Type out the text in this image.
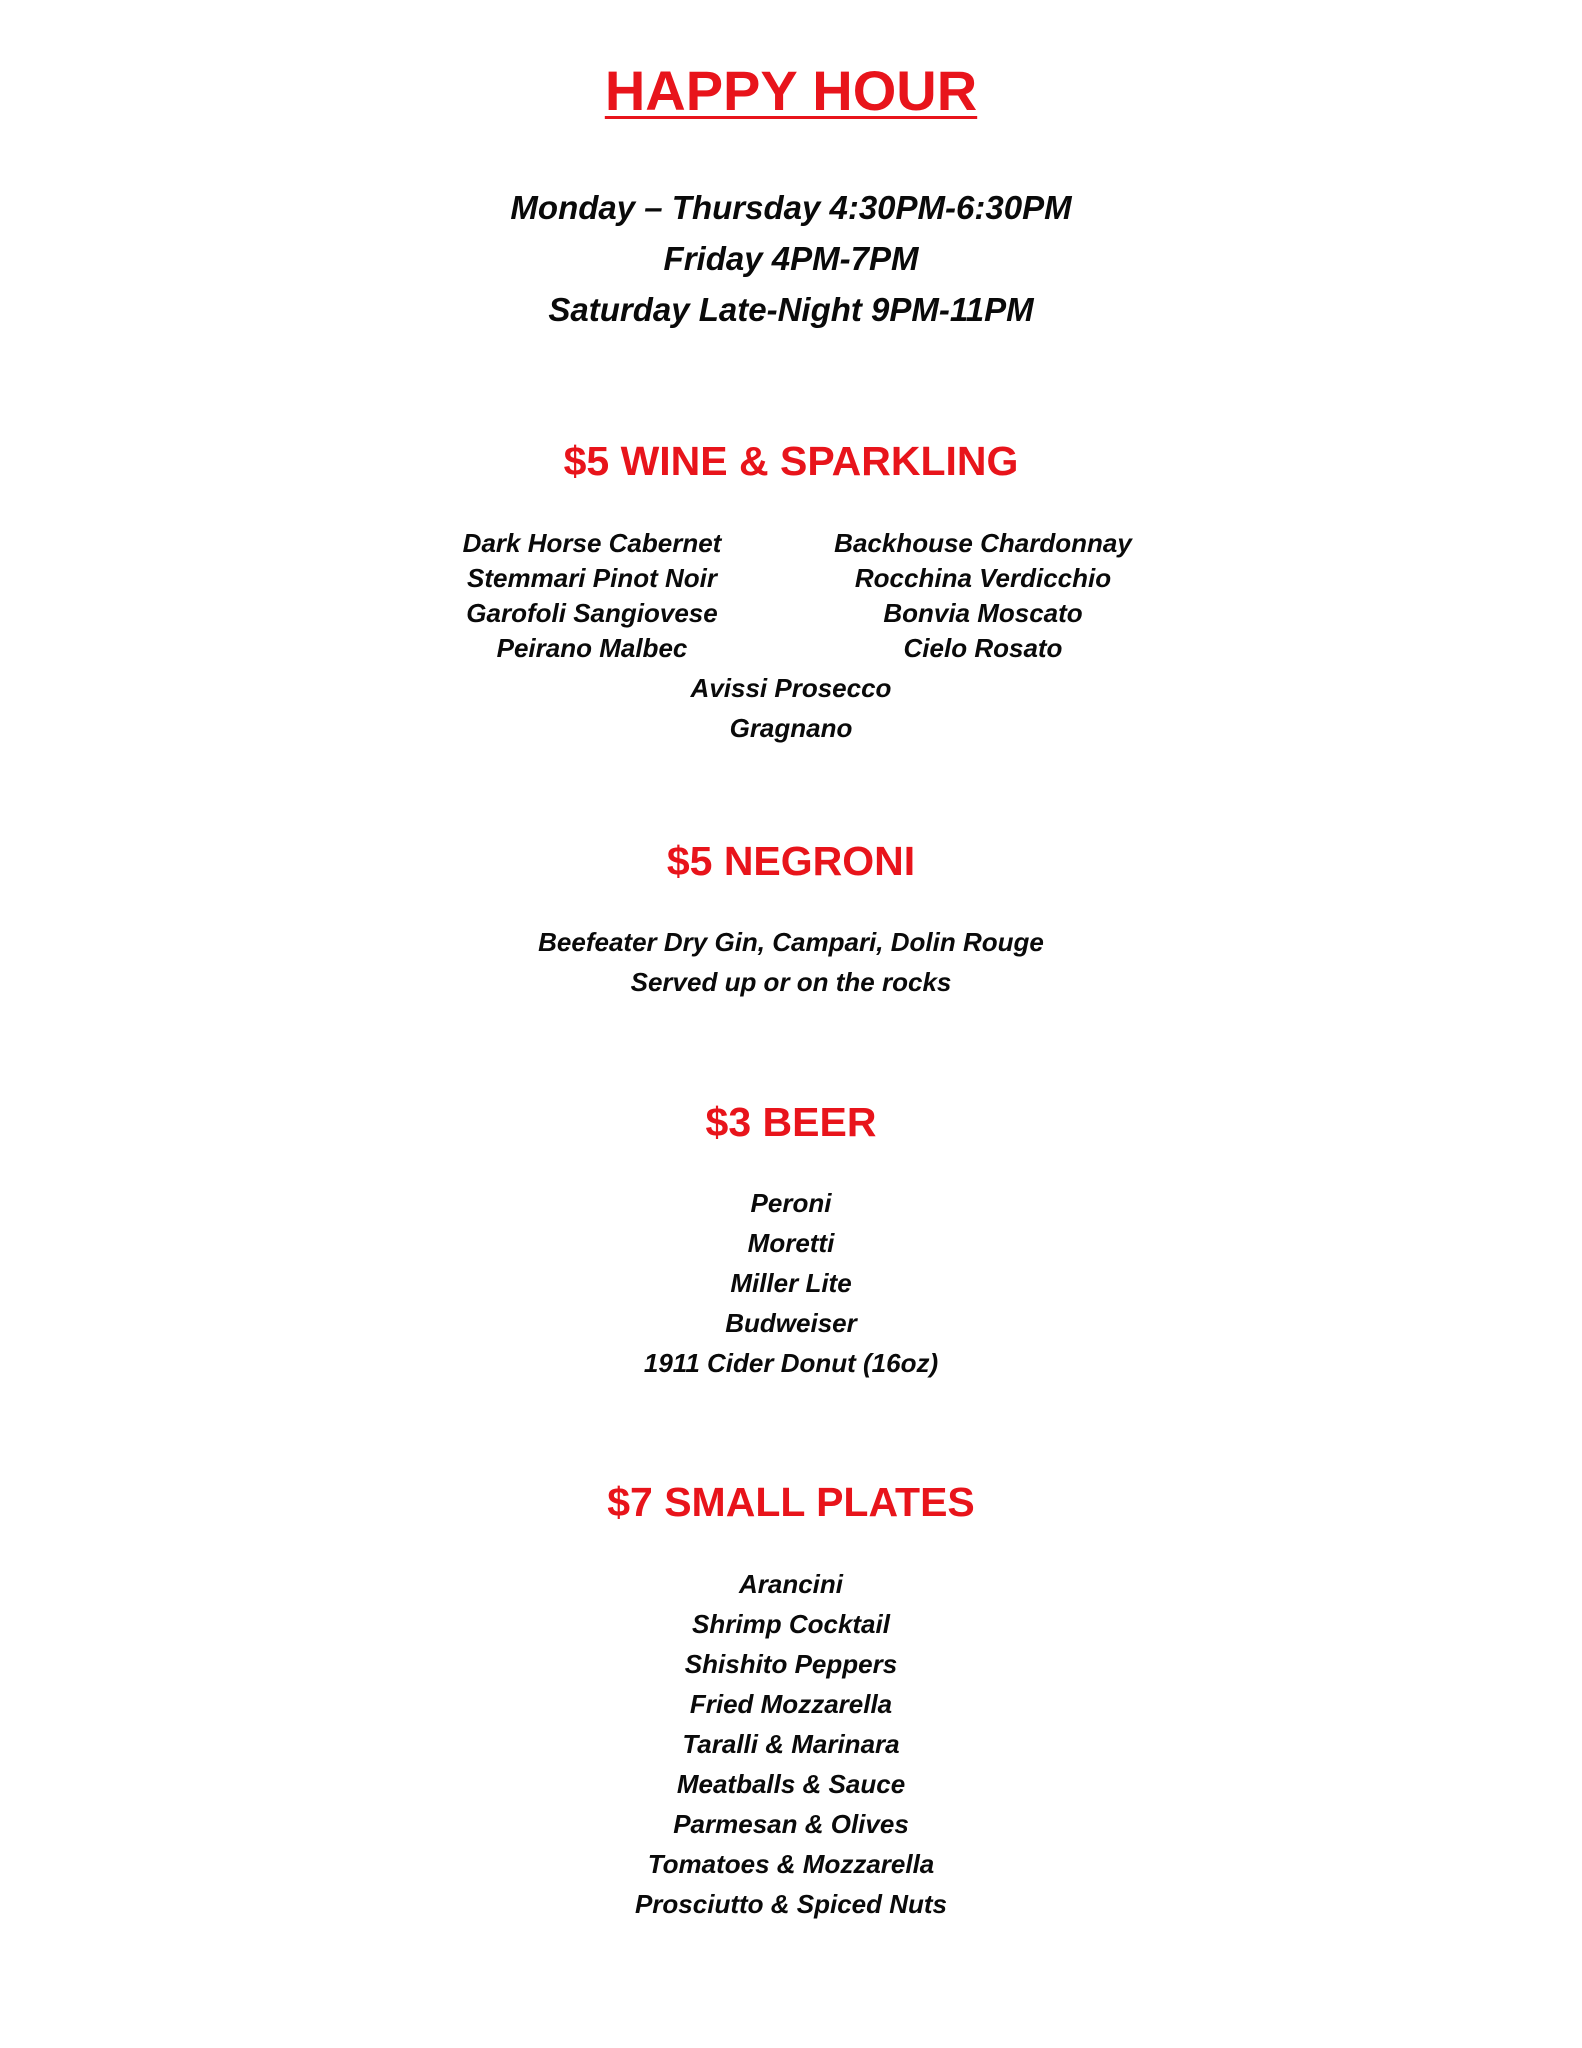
HAPPY HOUR
Monday – Thursday 4:30PM-6:30PM
Friday 4PM-7PM
Saturday Late-Night 9PM-11PM
$5 WINE & SPARKLING
Dark Horse Cabernet
Stemmari Pinot Noir
Garofoli Sangiovese
Peirano Malbec
Backhouse Chardonnay
Rocchina Verdicchio
Bonvia Moscato
Cielo Rosato
Avissi Prosecco
Gragnano
$5 NEGRONI
Beefeater Dry Gin, Campari, Dolin Rouge
Served up or on the rocks
$3 BEER
Peroni
Moretti
Miller Lite
Budweiser
1911 Cider Donut (16oz)
$7 SMALL PLATES
Arancini
Shrimp Cocktail
Shishito Peppers
Fried Mozzarella
Taralli & Marinara
Meatballs & Sauce
Parmesan & Olives
Tomatoes & Mozzarella
Prosciutto & Spiced Nuts
